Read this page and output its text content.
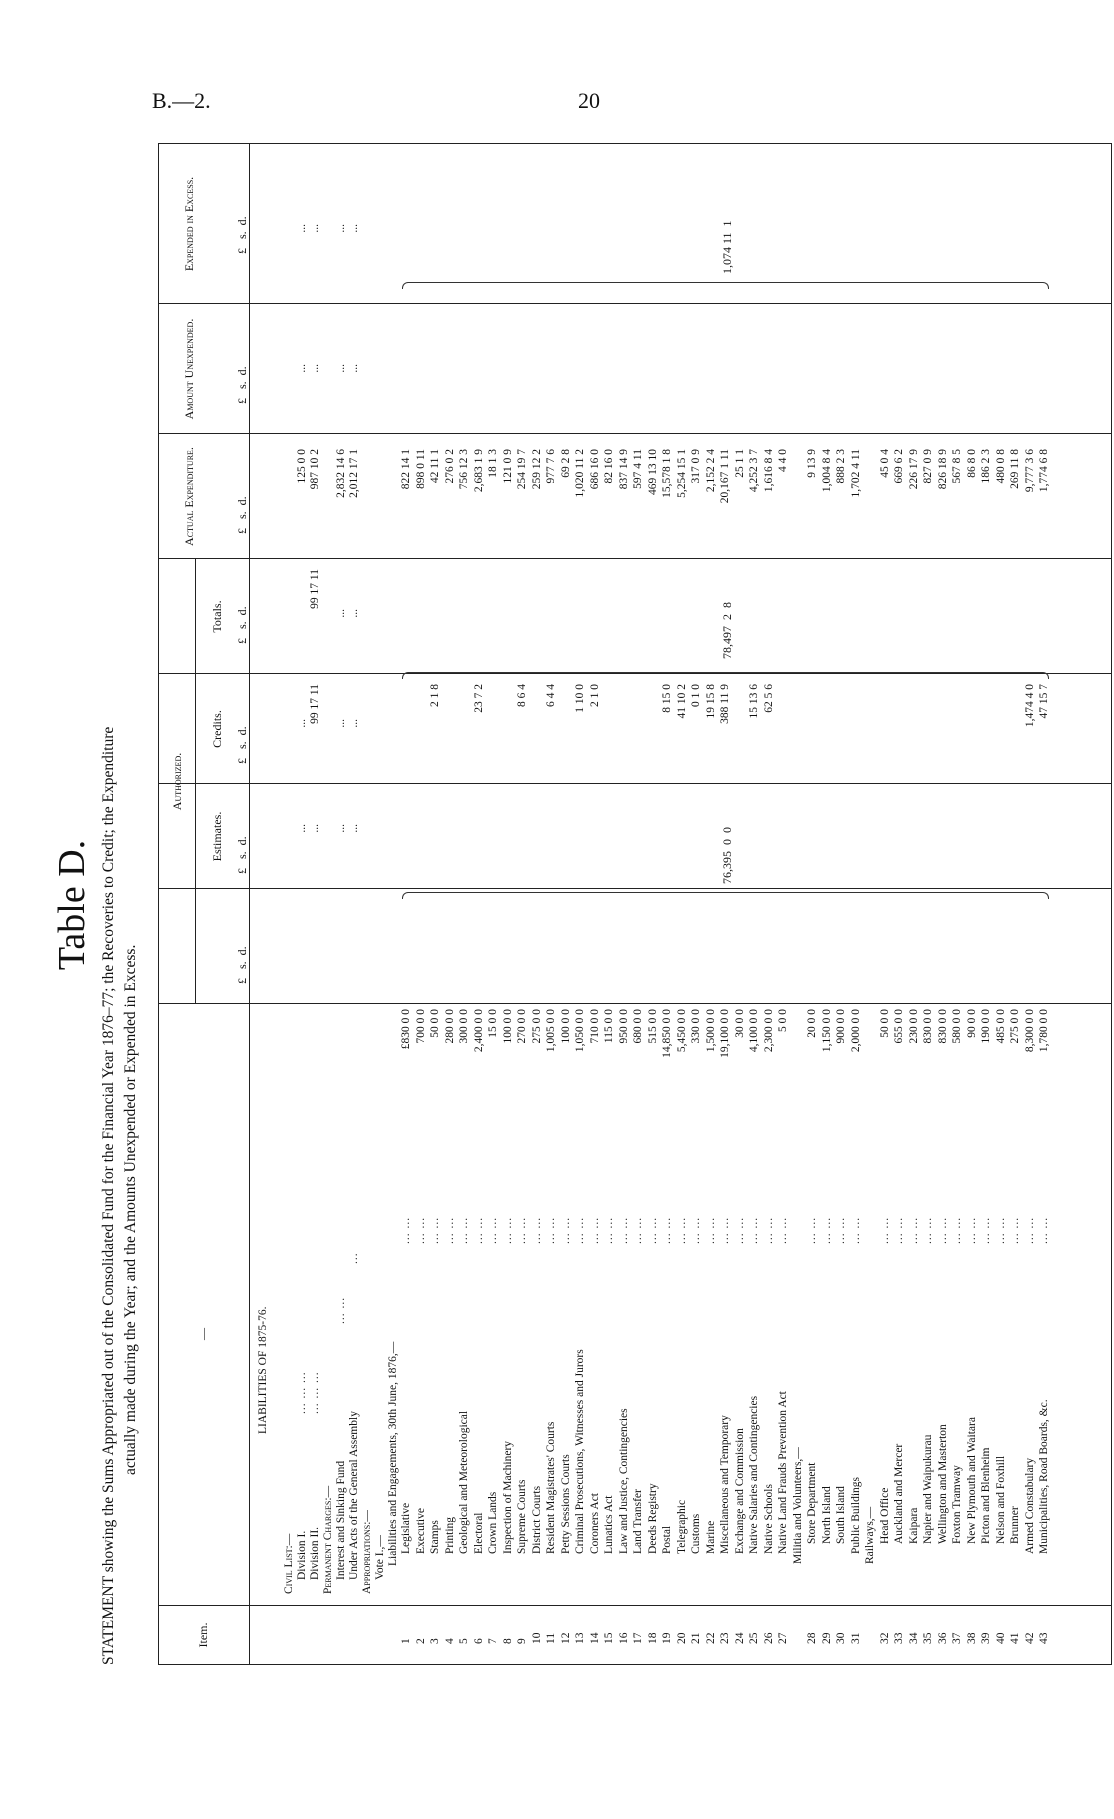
B.—2.	20
Table D. STATEMENT showing the Sums Appropriated out of the Consolidated Fund for the Financial Year 1876–77; the Recoveries to Credit; the Expenditure actually made during the Year; and the Amounts Unexpended or Expended in Excess.
Item.
—
Authorized.
Estimates.
Credits.
Totals.
Actual Expenditure.
Amount Unexpended.
Expended in Excess.
£   s.  d.
£   s.  d.
£   s.  d.
£   s.  d.
£   s.  d.
£   s.  d.
£   s.  d.
LIABILITIES OF 1875-76.
Civil List:— Division I.
... ... ...
...
...
125 0 0
...
...
Division II.
... ... ...
...
99 17 11
99 17 11
987 10 2
...
...
Permanent Charges:— Interest and Sinking Fund
... ...
...
...
...
2,832 14 6
...
...
Under Acts of the General Assembly
...
...
...
...
2,012 17 1
...
...
Appropriations:— Vote I.,— Liabilities and Engagements, 30th June, 1876,—
1
Legislative
£830 0 0
822 14 1
... ...
2
Executive
700 0 0
898 0 11
... ...
3
Stamps
50 0 0
2 1 8
42 11 1
... ...
4
Printing
280 0 0
276 0 2
... ...
5
Geological and Meteorological
300 0 0
756 12 3
... ...
6
Electoral
2,400 0 0
23 7 2
2,683 1 9
... ...
7
Crown Lands
15 0 0
18 1 3
... ...
8
Inspection of Machinery
100 0 0
121 0 9
... ...
9
Supreme Courts
270 0 0
8 6 4
254 19 7
... ...
10
District Courts
275 0 0
259 12 2
... ...
11
Resident Magistrates' Courts
1,005 0 0
6 4 4
977 7 6
... ...
12
Petty Sessions Courts
100 0 0
69 2 8
... ...
13
Criminal Prosecutions, Witnesses and Jurors
1,050 0 0
1 10 0
1,020 11 2
... ...
14
Coroners Act
710 0 0
2 1 0
686 16 0
... ...
15
Lunatics Act
115 0 0
82 16 0
... ...
16
Law and Justice, Contingencies
950 0 0
837 14 9
... ...
17
Land Transfer
680 0 0
597 4 11
... ...
18
Deeds Registry
515 0 0
469 13 10
... ...
19
Postal
14,850 0 0
8 15 0
15,578 1 8
... ...
20
Telegraphic
5,450 0 0
41 10 2
5,254 15 1
... ...
21
Customs
330 0 0
0 1 0
317 0 9
... ...
22
Marine
1,500 0 0
19 15 8
2,152 2 4
... ...
23
Miscellaneous and Temporary
19,100 0 0
388 11 9
20,167 1 11
... ...
24
Exchange and Commission
30 0 0
25 1 1
... ...
25
Native Salaries and Contingencies
4,100 0 0
15 13 6
4,252 3 7
... ...
26
Native Schools
2,300 0 0
62 5 6
1,616 8 4
... ...
27
Native Land Frauds Prevention Act
5 0 0
4 4 0
... ...
Militia and Volunteers,—
28
Store Department
20 0 0
9 13 9
... ...
29
North Island
1,150 0 0
1,004 8 4
... ...
30
South Island
900 0 0
888 2 3
... ...
31
Public Buildings
2,000 0 0
1,702 4 11
... ...
Railways,—
32
Head Office
50 0 0
45 0 4
... ...
33
Auckland and Mercer
655 0 0
669 6 2
... ...
34
Kaipara
230 0 0
226 17 9
... ...
35
Napier and Waipukurau
830 0 0
827 0 9
... ...
36
Wellington and Masterton
830 0 0
826 18 9
... ...
37
Foxton Tramway
580 0 0
567 8 5
... ...
38
New Plymouth and Waitara
90 0 0
86 8 0
... ...
39
Picton and Blenheim
190 0 0
186 2 3
... ...
40
Nelson and Foxhill
485 0 0
480 0 8
... ...
41
Brunner
275 0 0
269 11 8
... ...
42
Armed Constabulary
8,300 0 0
1,474 4 0
9,777 3 6
... ...
43
Municipalities, Road Boards, &c.
1,780 0 0
47 15 7
1,774 6 8
... ...
76,395  0  0
78,497  2  8
1,074 11  1
